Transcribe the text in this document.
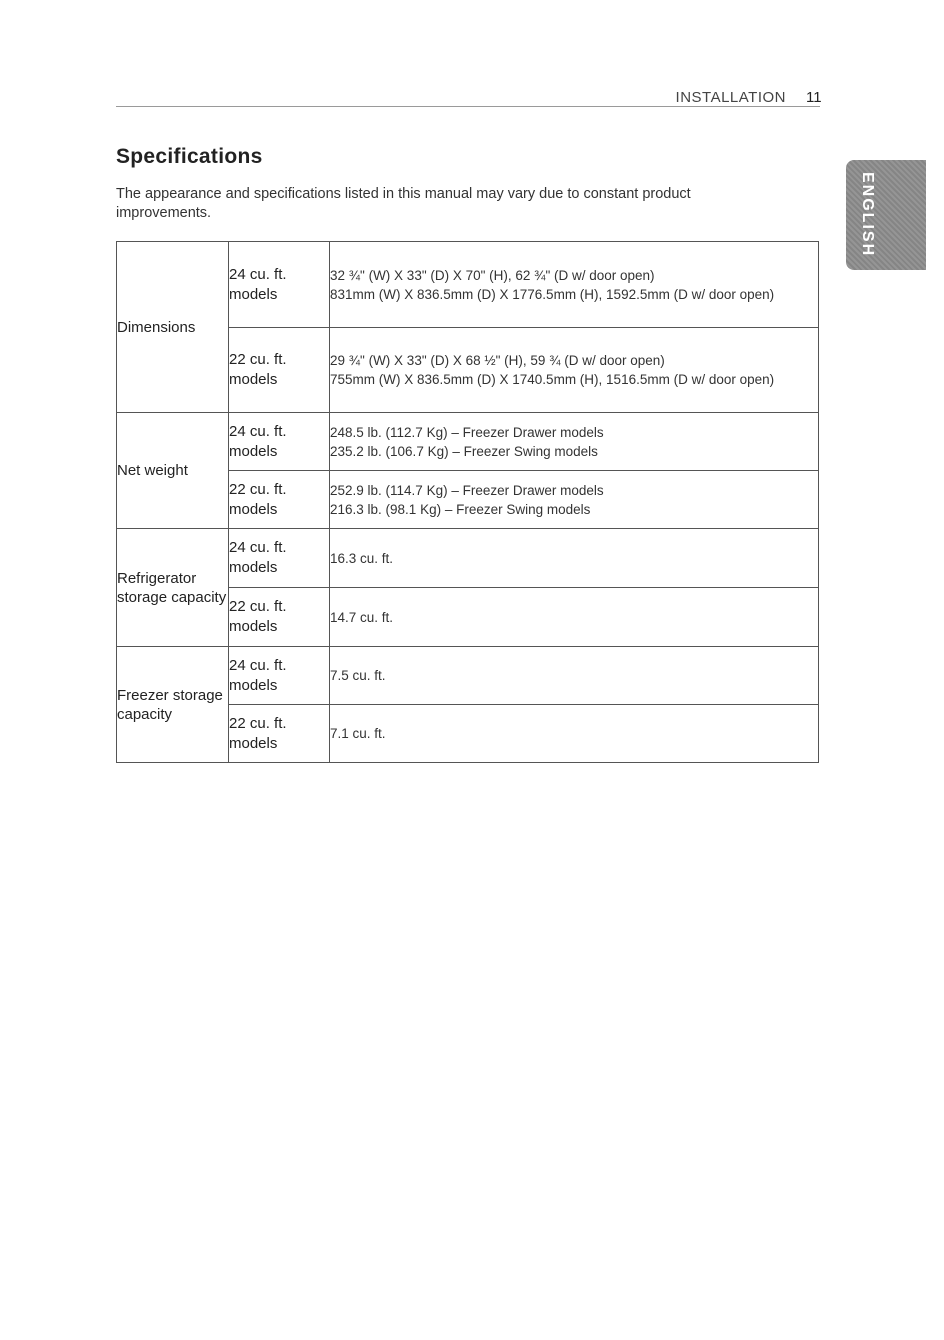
INSTALLATION 11
ENGLISH
Specifications
The appearance and specifications listed in this manual may vary due to constant product improvements.
Dimensions	24 cu. ft. models	32 ¾" (W) X 33" (D) X 70" (H), 62 ¾" (D w/ door open)
831mm (W) X 836.5mm (D) X 1776.5mm (H), 1592.5mm (D w/ door open)

	22 cu. ft. models	29 ¾" (W) X 33" (D) X 68 ½" (H), 59 ¾ (D w/ door open)
755mm (W) X 836.5mm (D) X 1740.5mm (H), 1516.5mm (D w/ door open)

Net weight	24 cu. ft. models	248.5 lb. (112.7 Kg) – Freezer Drawer models
235.2 lb. (106.7 Kg) – Freezer Swing models

	22 cu. ft. models	252.9 lb. (114.7 Kg) – Freezer Drawer models
216.3 lb. (98.1 Kg) – Freezer Swing models

Refrigerator storage capacity	24 cu. ft. models	16.3 cu. ft.

	22 cu. ft. models	14.7 cu. ft.

Freezer storage capacity	24 cu. ft. models	7.5 cu. ft.

	22 cu. ft. models	7.1 cu. ft.
